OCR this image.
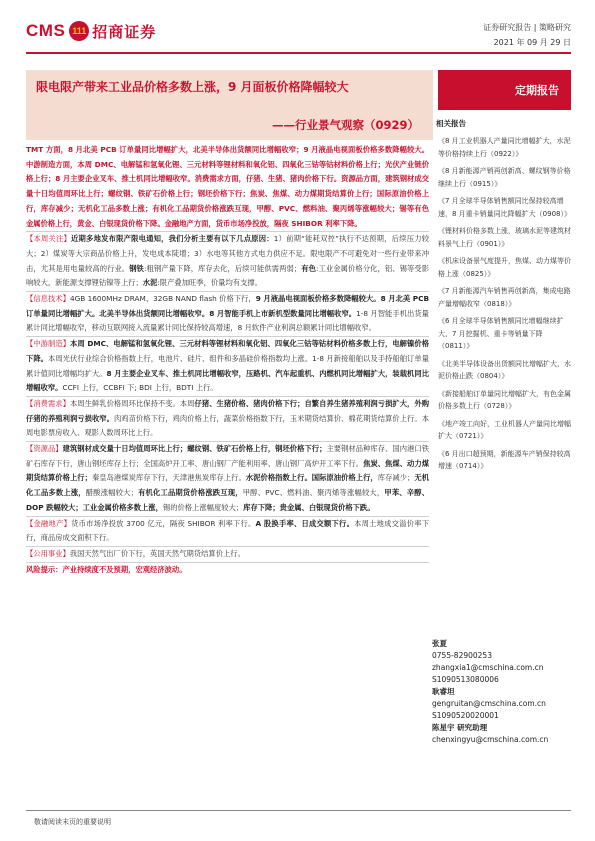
CMS 111 招商证券	证券研究报告 | 策略研究
2021 年 09 月 29 日
限电限产带来工业品价格多数上涨，9 月面板价格降幅较大
——行业景气观察（0929）
定期报告

TMT 方面，8 月北美 PCB 订单量同比增幅扩大，北美半导体出货额同比增幅收窄；9 月液晶电视面板价格多数降幅较大。中游制造方面，本周 DMC、电解锰和氢氧化锂、三元材料等锂材料和氧化铝、四氧化三钴等钴材料价格上行；光伏产业链价格上行；8 月主要企业叉车、推土机同比增幅收窄。消费需求方面，仔猪、生猪、猪肉价格下行。资源品方面，建筑钢材成交量十日均值周环比上行；螺纹钢、铁矿石价格上行；钢坯价格下行；焦炭、焦煤、动力煤期货结算价上行；国际原油价格上行，库存减少；无机化工品多数上涨；有机化工品期货价格涨跌互现，甲醇、PVC、燃料油、聚丙烯等涨幅较大；锡等有色金属价格上行，黄金、白银现货价格下降。金融地产方面，货币市场净投放，隔夜 SHIBOR 利率下降。

【本周关注】近期多地发布限产限电通知，我们分析主要有以下几点原因：1）前期“能耗双控”执行不达预期，后续压力较大；2）煤炭等大宗商品价格上升，发电成本陡增；3）水电等其他方式电力供应不足。限电限产不可避免对一些行业带来冲击，尤其是用电量较高的行业。钢铁:粗钢产量下降，库存去化，后续可能供需两弱；有色:工业金属价格分化，铝、锡等受影响较大，新能源支撑锂钴镍等上行；水泥:限产叠加旺季，价量均有支撑。

【信息技术】4GB 1600MHz DRAM、32GB NAND flash 价格下行，9 月液晶电视面板价格多数降幅较大。8 月北美 PCB 订单量同比增幅扩大。北美半导体出货额同比增幅收窄。8 月智能手机上市新机型数量同比增幅收窄。1-8 月智能手机出货量累计同比增幅收窄，移动互联网接入流量累计同比保持较高增速，8 月软件产业利润总额累计同比增幅收窄。

【中游制造】本周 DMC、电解锰和氢氧化锂、三元材料等锂材料和氧化铝、四氧化三钴等钴材料价格多数上行，电解镍价格下降。本周光伏行业综合价格指数上行，电池片、硅片、组件和多晶硅价格指数均上涨。1-8 月新接船舶以及手持船舶订单量累计值同比增幅均扩大。8 月主要企业叉车、推土机同比增幅收窄，压路机、汽车起重机、内燃机同比增幅扩大，装载机同比增幅收窄。CCFI 上行，CCBFI 下; BDI 上行，BDTI 上行。

【消费需求】本周生鲜乳价格周环比保持不变。本周仔猪、生猪价格、猪肉价格下行；自繁自养生猪养殖利润亏损扩大，外购仔猪的养殖利润亏损收窄。肉鸡苗价格下行，鸡肉价格上行，蔬菜价格指数下行，玉米期货结算价、棉花期货结算价上行。本周电影票房收入、观影人数周环比上行。

【资源品】建筑钢材成交量十日均值周环比上行；螺纹钢、铁矿石价格上行，钢坯价格下行；主要钢材品种库存、国内港口铁矿石库存下行，唐山钢坯库存上行；全国高炉开工率、唐山钢厂产能利用率、唐山钢厂高炉开工率下行。焦炭、焦煤、动力煤期货结算价格上行；秦皇岛港煤炭库存下行，天津港焦炭库存上行。水泥价格指数上行。国际原油价格上行，库存减少；无机化工品多数上涨，醋酸涨幅较大；有机化工品期货价格涨跌互现，甲醇、PVC、燃料油、聚丙烯等涨幅较大，甲苯、辛醇、DOP 跌幅较大；工业金属价格多数上涨，锡的价格上涨幅度较大；库存下降；贵金属、白银现货价格下跌。

【金融地产】货币市场净投放 3700 亿元，隔夜 SHIBOR 利率下行。A 股换手率、日成交额下行。本周土地成交溢价率下行，商品房成交面积下行。

【公用事业】我国天然气出厂价下行，英国天然气期货结算价上行。

风险提示：产业持续度不及预期，宏观经济波动。

相关报告
《8 月工业机器人产量同比增幅扩大，水泥等价格持续上行（0922）》
《8 月新能源产销再创新高、螺纹钢等价格继续上行（0915）》
《7 月全球半导体销售额同比保持较高增速，8 月重卡销量同比降幅扩大（0908）》
《锂材料价格多数上涨，玻璃水泥等建筑材料景气上行（0901）》
《机床设备景气度提升，焦煤、动力煤等价格上涨（0825）》
《7 月新能源汽车销售再创新高，集成电路产量增幅收窄（0818）》
《6 月全球半导体销售额同比增幅继续扩大，7 月挖掘机、重卡等销量下降（0811）》
《北美半导体设备出货额同比增幅扩大，水泥价格止跌（0804）》
《新接船舶订单量同比增幅扩大，有色金属价格多数上行（0728）》
《地产竣工向好，工业机器人产量同比增幅扩大（0721）》
《6 月出口超预期，新能源车产销保持较高增速（0714）》
张夏
0755-82900253
zhangxia1@cmschina.com.cn
S1090513080006
耿睿坦
gengruitan@cmschina.com.cn
S1090520020001
陈星宇 研究助理
chenxingyu@cmschina.com.cn
敬请阅读末页的重要说明
